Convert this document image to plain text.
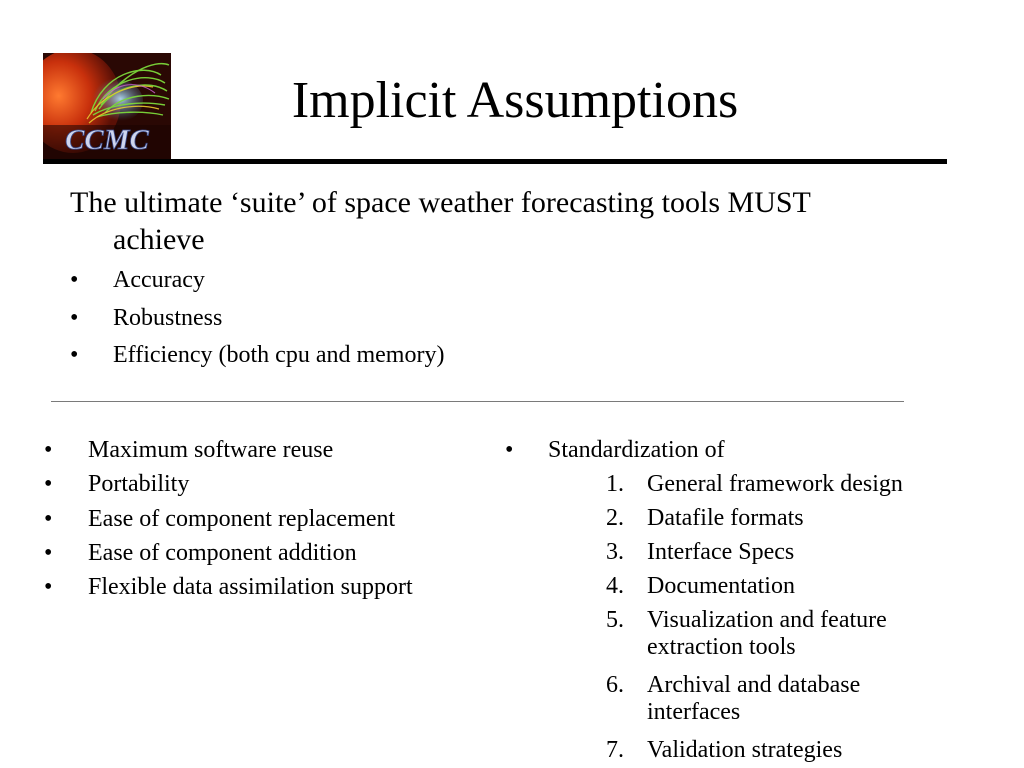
CCMC
Implicit Assumptions
The ultimate ‘suite’ of space weather forecasting tools MUST
achieve
• Accuracy
• Robustness
• Efficiency (both cpu and memory)
• Maximum software reuse
• Portability
• Ease of component replacement
• Ease of component addition
• Flexible data assimilation support
• Standardization of
1. General framework design
2. Datafile formats
3. Interface Specs
4. Documentation
5. Visualization and feature
extraction tools
6. Archival and database
interfaces
7. Validation strategies
